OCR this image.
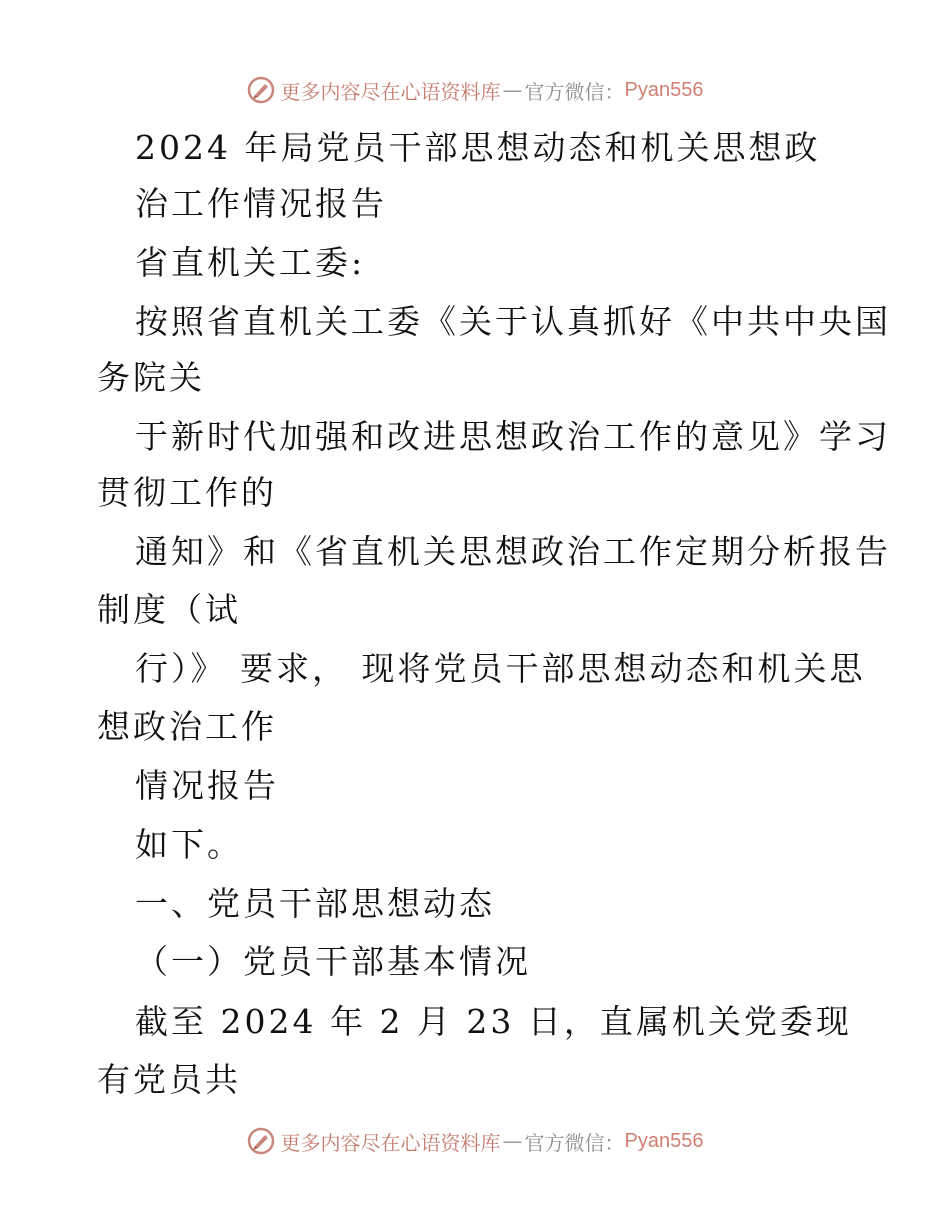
更多内容尽在心语资料库 — 官方微信： Pyan556
2024 年局党员干部思想动态和机关思想政
治工作情况报告
省直机关工委:
按照省直机关工委《关于认真抓好《中共中央国
务院关
于新时代加强和改进思想政治工作的意见》学习
贯彻工作的
通知》和《省直机关思想政治工作定期分析报告
制度（试
行）》 要求， 现将党员干部思想动态和机关思
想政治工作
情况报告
如下。
一、党员干部思想动态
（一）党员干部基本情况
截至 2024 年 2 月 23 日，直属机关党委现
有党员共
更多内容尽在心语资料库 — 官方微信： Pyan556
